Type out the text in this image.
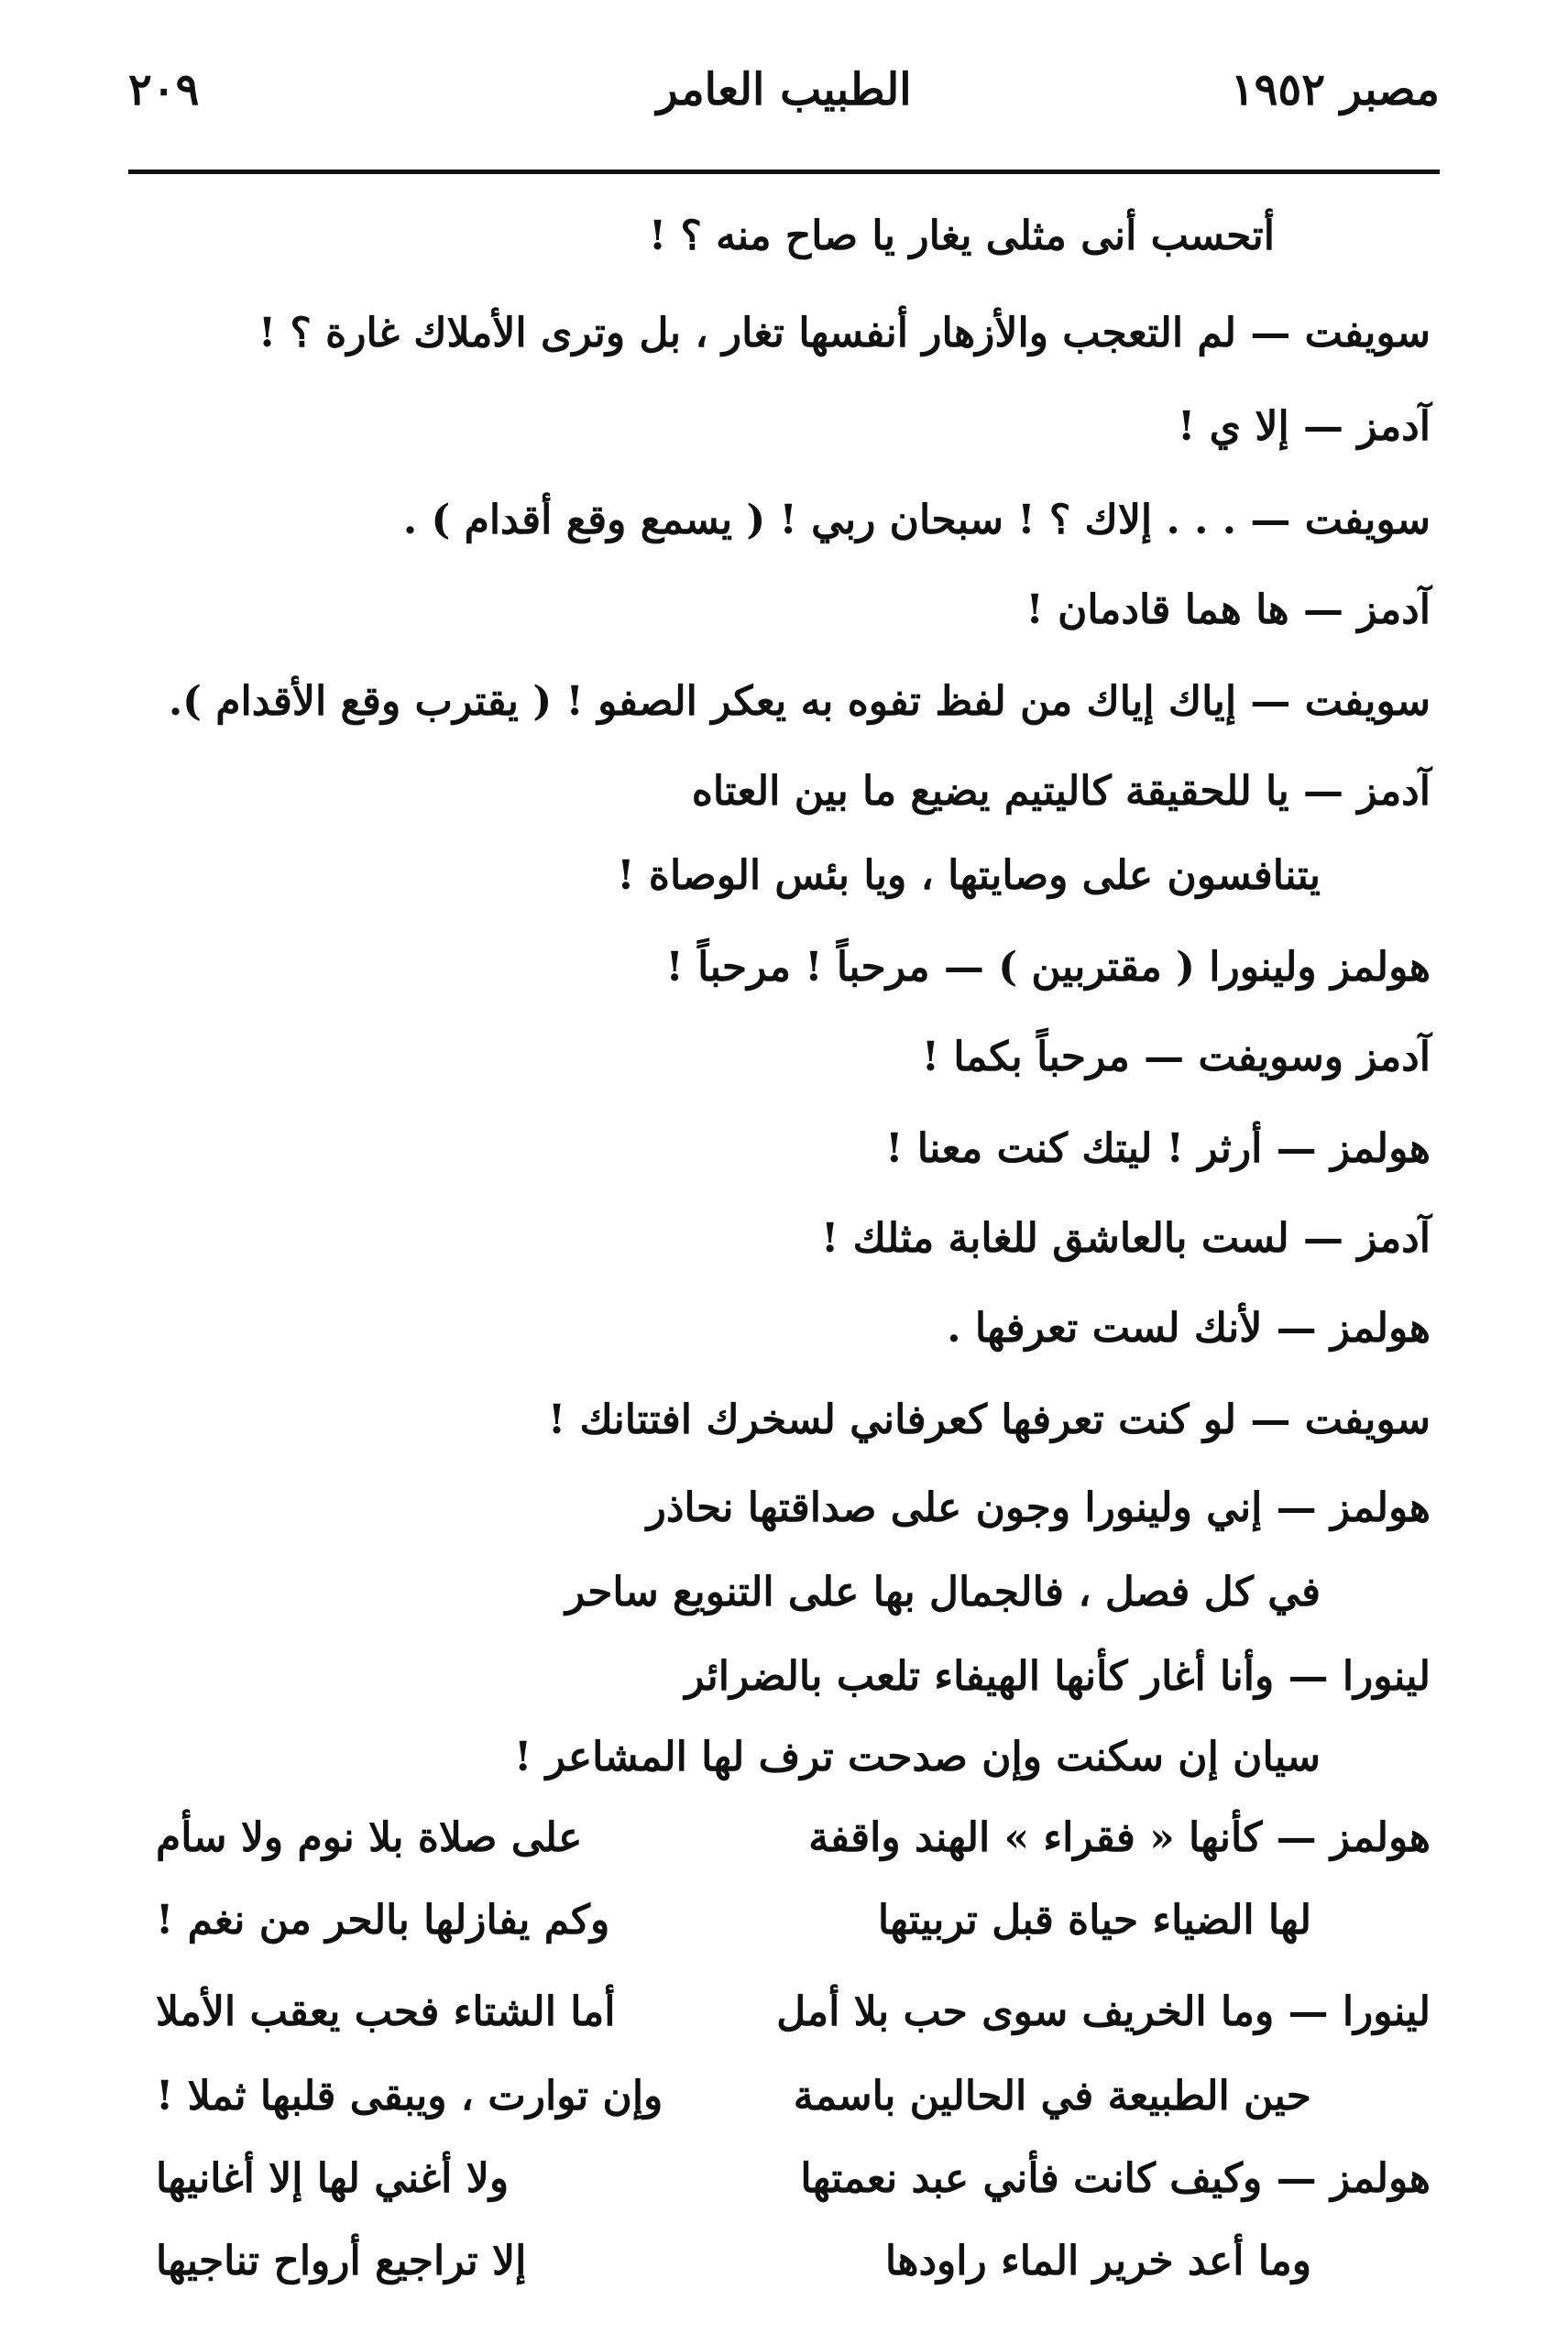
٢٠٩	الطبيب العامر	مصبر ١٩٥٢
أتحسب أنى مثلى يغار يا صاح منه ؟ !
سويفت — لم التعجب والأزهار أنفسها تغار ، بل وترى الأملاك غارة ؟ !
آدمز — إلا ي !
سويفت — . . . إلاك ؟ ! سبحان ربي ! ( يسمع وقع أقدام ) .
آدمز — ها هما قادمان !
سويفت — إياك إياك من لفظ تفوه به يعكر الصفو ! ( يقترب وقع الأقدام ).
آدمز — يا للحقيقة كاليتيم يضيع ما بين العتاه
يتنافسون على وصايتها ، ويا بئس الوصاة !
هولمز ولينورا ( مقتربين ) — مرحباً ! مرحباً !
آدمز وسويفت — مرحباً بكما !
هولمز — أرثر ! ليتك كنت معنا !
آدمز — لست بالعاشق للغابة مثلك !
هولمز — لأنك لست تعرفها .
سويفت — لو كنت تعرفها كعرفاني لسخرك افتتانك !
هولمز — إني ولينورا وجون على صداقتها نحاذر
في كل فصل ، فالجمال بها على التنويع ساحر
لينورا — وأنا أغار كأنها الهيفاء تلعب بالضرائر
سيان إن سكنت وإن صدحت ترف لها المشاعر !
هولمز — كأنها « فقراء » الهند واقفة
على صلاة بلا نوم ولا سأم
لها الضياء حياة قبل تربيتها
وكم يفازلها بالحر من نغم !
لينورا — وما الخريف سوى حب بلا أمل
أما الشتاء فحب يعقب الأملا
حين الطبيعة في الحالين باسمة
وإن توارت ، ويبقى قلبها ثملا !
هولمز — وكيف كانت فأني عبد نعمتها
ولا أغني لها إلا أغانيها
وما أعد خرير الماء راودها
إلا تراجيع أرواح تناجيها
